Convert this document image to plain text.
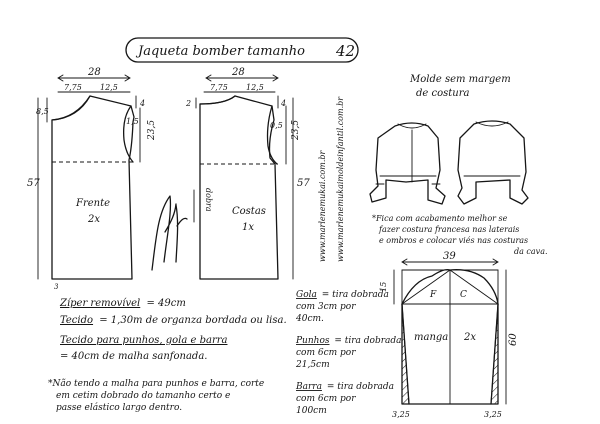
Jaqueta bomber tamanho 42
28
7,75 12,5
4
8,5
1,5 23,5
57
3
Frente
2x
28
7,75 12,5
4
2
0,5 23,5
57
dobra Costas
1x	www.marlenemukai.com.br www.marlenemukaimoldeinfantil.com.br
Molde sem margem de costura
*Fica com acabamento melhor se fazer costura francesa nas laterais e ombros e colocar viés nas costuras da cava.
39
15
60
F	C
manga 2x
3,25	3,25
Zíper removível = 49cm
Tecido = 1,30m de organza bordada ou lisa.
Tecido para punhos, gola e barra
= 40cm de malha sanfonada.
*Não tendo a malha para punhos e barra, corte em cetim dobrado do tamanho certo e passe elástico largo dentro.
Gola = tira dobrada com 3cm por 40cm.
Punhos = tira dobrada com 6cm por 21,5cm
Barra = tira dobrada com 6cm por 100cm
